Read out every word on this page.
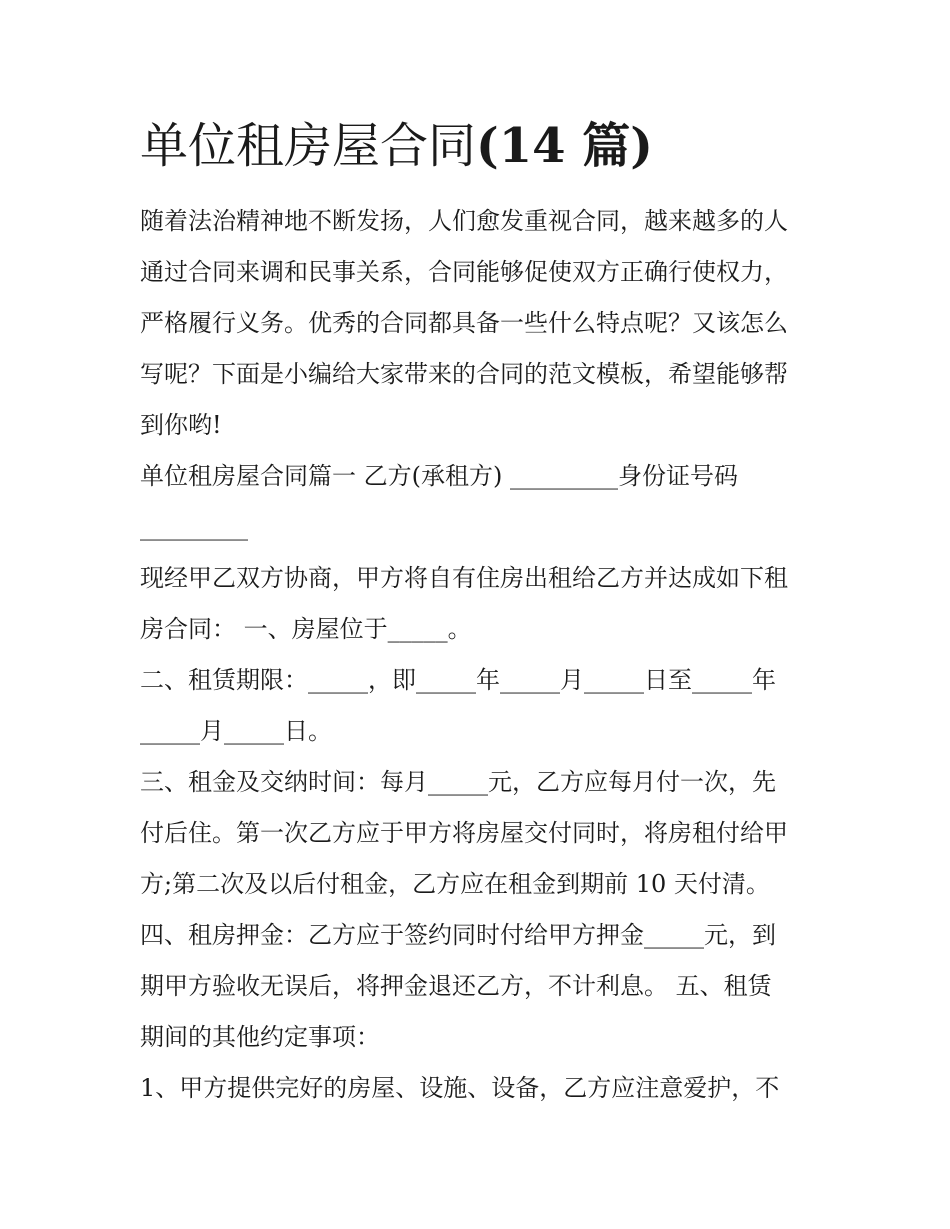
单位租房屋合同(14 篇)
随着法治精神地不断发扬，人们愈发重视合同，越来越多的人
通过合同来调和民事关系，合同能够促使双方正确行使权力，
严格履行义务。优秀的合同都具备一些什么特点呢？又该怎么
写呢？下面是小编给大家带来的合同的范文模板，希望能够帮
到你哟!
单位租房屋合同篇一 乙方(承租方) _________身份证号码
_________
现经甲乙双方协商，甲方将自有住房出租给乙方并达成如下租
房合同： 一、房屋位于_____。
二、租赁期限：_____，即_____年_____月_____日至_____年
_____月_____日。
三、租金及交纳时间：每月_____元，乙方应每月付一次，先
付后住。第一次乙方应于甲方将房屋交付同时，将房租付给甲
方;第二次及以后付租金，乙方应在租金到期前 10 天付清。
四、租房押金：乙方应于签约同时付给甲方押金_____元，到
期甲方验收无误后，将押金退还乙方，不计利息。 五、租赁
期间的其他约定事项：
1、甲方提供完好的房屋、设施、设备，乙方应注意爱护，不
